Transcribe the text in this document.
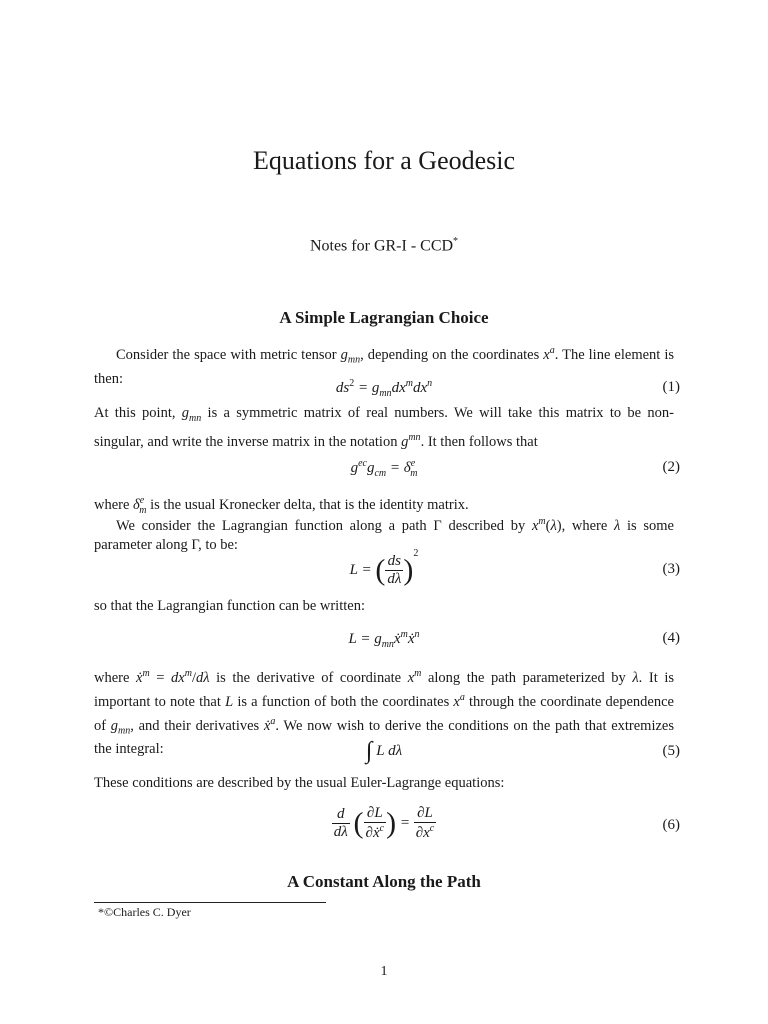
Equations for a Geodesic
Notes for GR-I - CCD*
A Simple Lagrangian Choice
Consider the space with metric tensor $g_{mn}$, depending on the coordinates $x^a$. The line element is then:
$ds^2 = g_{mn}dx^mdx^n$	(1)
At this point, $g_{mn}$ is a symmetric matrix of real numbers. We will take this matrix to be non-singular, and write the inverse matrix in the notation $g^{mn}$. It then follows that
$g^{ec}g_{cm} = \delta^e_m$	(2)
where $\delta^e_m$ is the usual Kronecker delta, that is the identity matrix.
We consider the Lagrangian function along a path Γ described by $x^m(\lambda)$, where λ is some parameter along Γ, to be:
L = ( $\frac{ds}{d\lambda} )^2$
(3)
so that the Lagrangian function can be written:
$L = g_{mn}ẋ^mẋ^n$	(4)
where ẋ$^m$ = $dx^m/d\lambda$ is the derivative of coordinate $x^m$ along the path parameterized by λ. It is important to note that L is a function of both the coordinates $x^a$ through the coordinate dependence of $g_{mn}$, and their derivatives ẋ$^a$. We now wish to derive the conditions on the path that extremizes the integral:	∫ L dλ	(5)
These conditions are described by the usual Euler-Lagrange equations:
$\frac{d}{d\lambda}$ ( $\frac{\partial L}{\partial ẋ^c}$ ) = $\frac{\partial L}{\partial x^c}$	(6)
A Constant Along the Path
*©Charles C. Dyer
1
